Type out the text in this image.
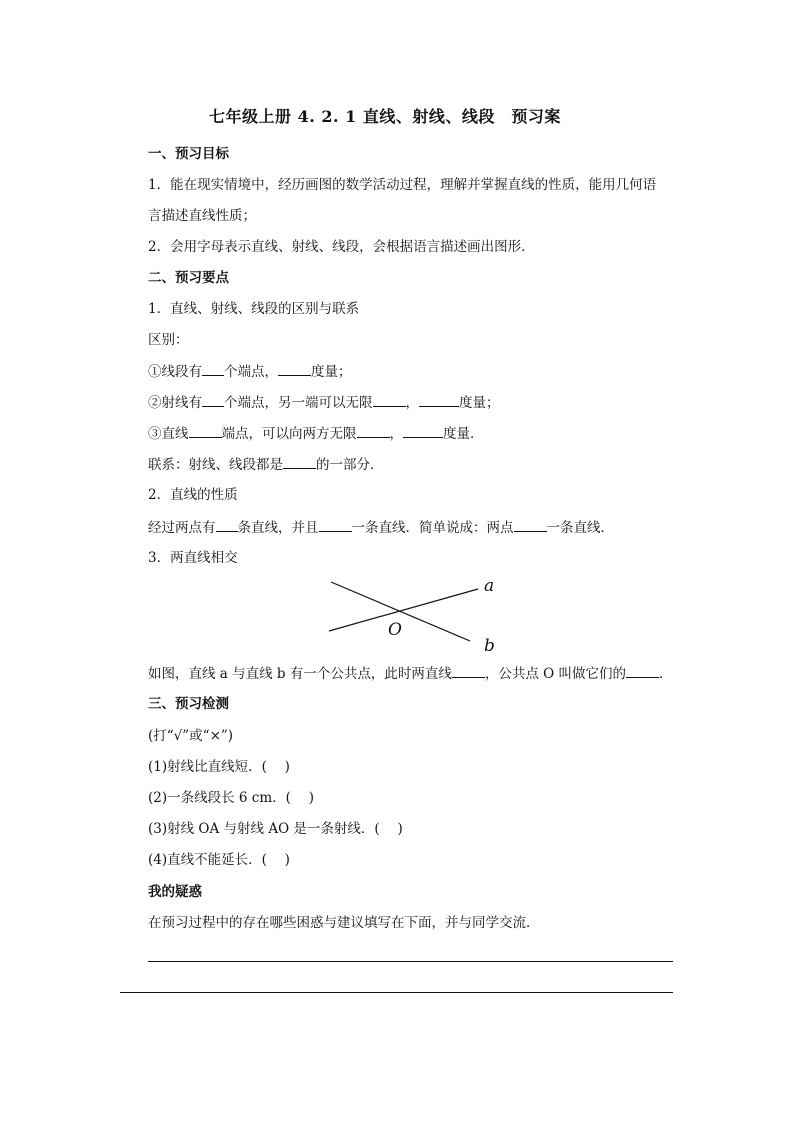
七年级上册 4. 2. 1 直线、射线、线段　预习案
一、预习目标
1．能在现实情境中，经历画图的数学活动过程，理解并掌握直线的性质，能用几何语
言描述直线性质；
2．会用字母表示直线、射线、线段，会根据语言描述画出图形．
二、预习要点
1．直线、射线、线段的区别与联系
区别：
①线段有 个端点， 度量；
②射线有 个端点，另一端可以无限 ，	度量；
③直线 端点，可以向两方无限 ，	度量．
联系：射线、线段都是 的一部分．
2．直线的性质
经过两点有 条直线，并且 一条直线．简单说成：两点 一条直线．
3．两直线相交
a
b
O
如图，直线 a 与直线 b 有一个公共点，此时两直线 ，公共点 O 叫做它们的 ．
三、预习检测
(打“√”或“×”)
(1)射线比直线短．(　 )
(2)一条线段长 6 cm．(　 )
(3)射线 OA 与射线 AO 是一条射线．(　 )
(4)直线不能延长．(　 )
我的疑惑
在预习过程中的存在哪些困惑与建议填写在下面，并与同学交流．
